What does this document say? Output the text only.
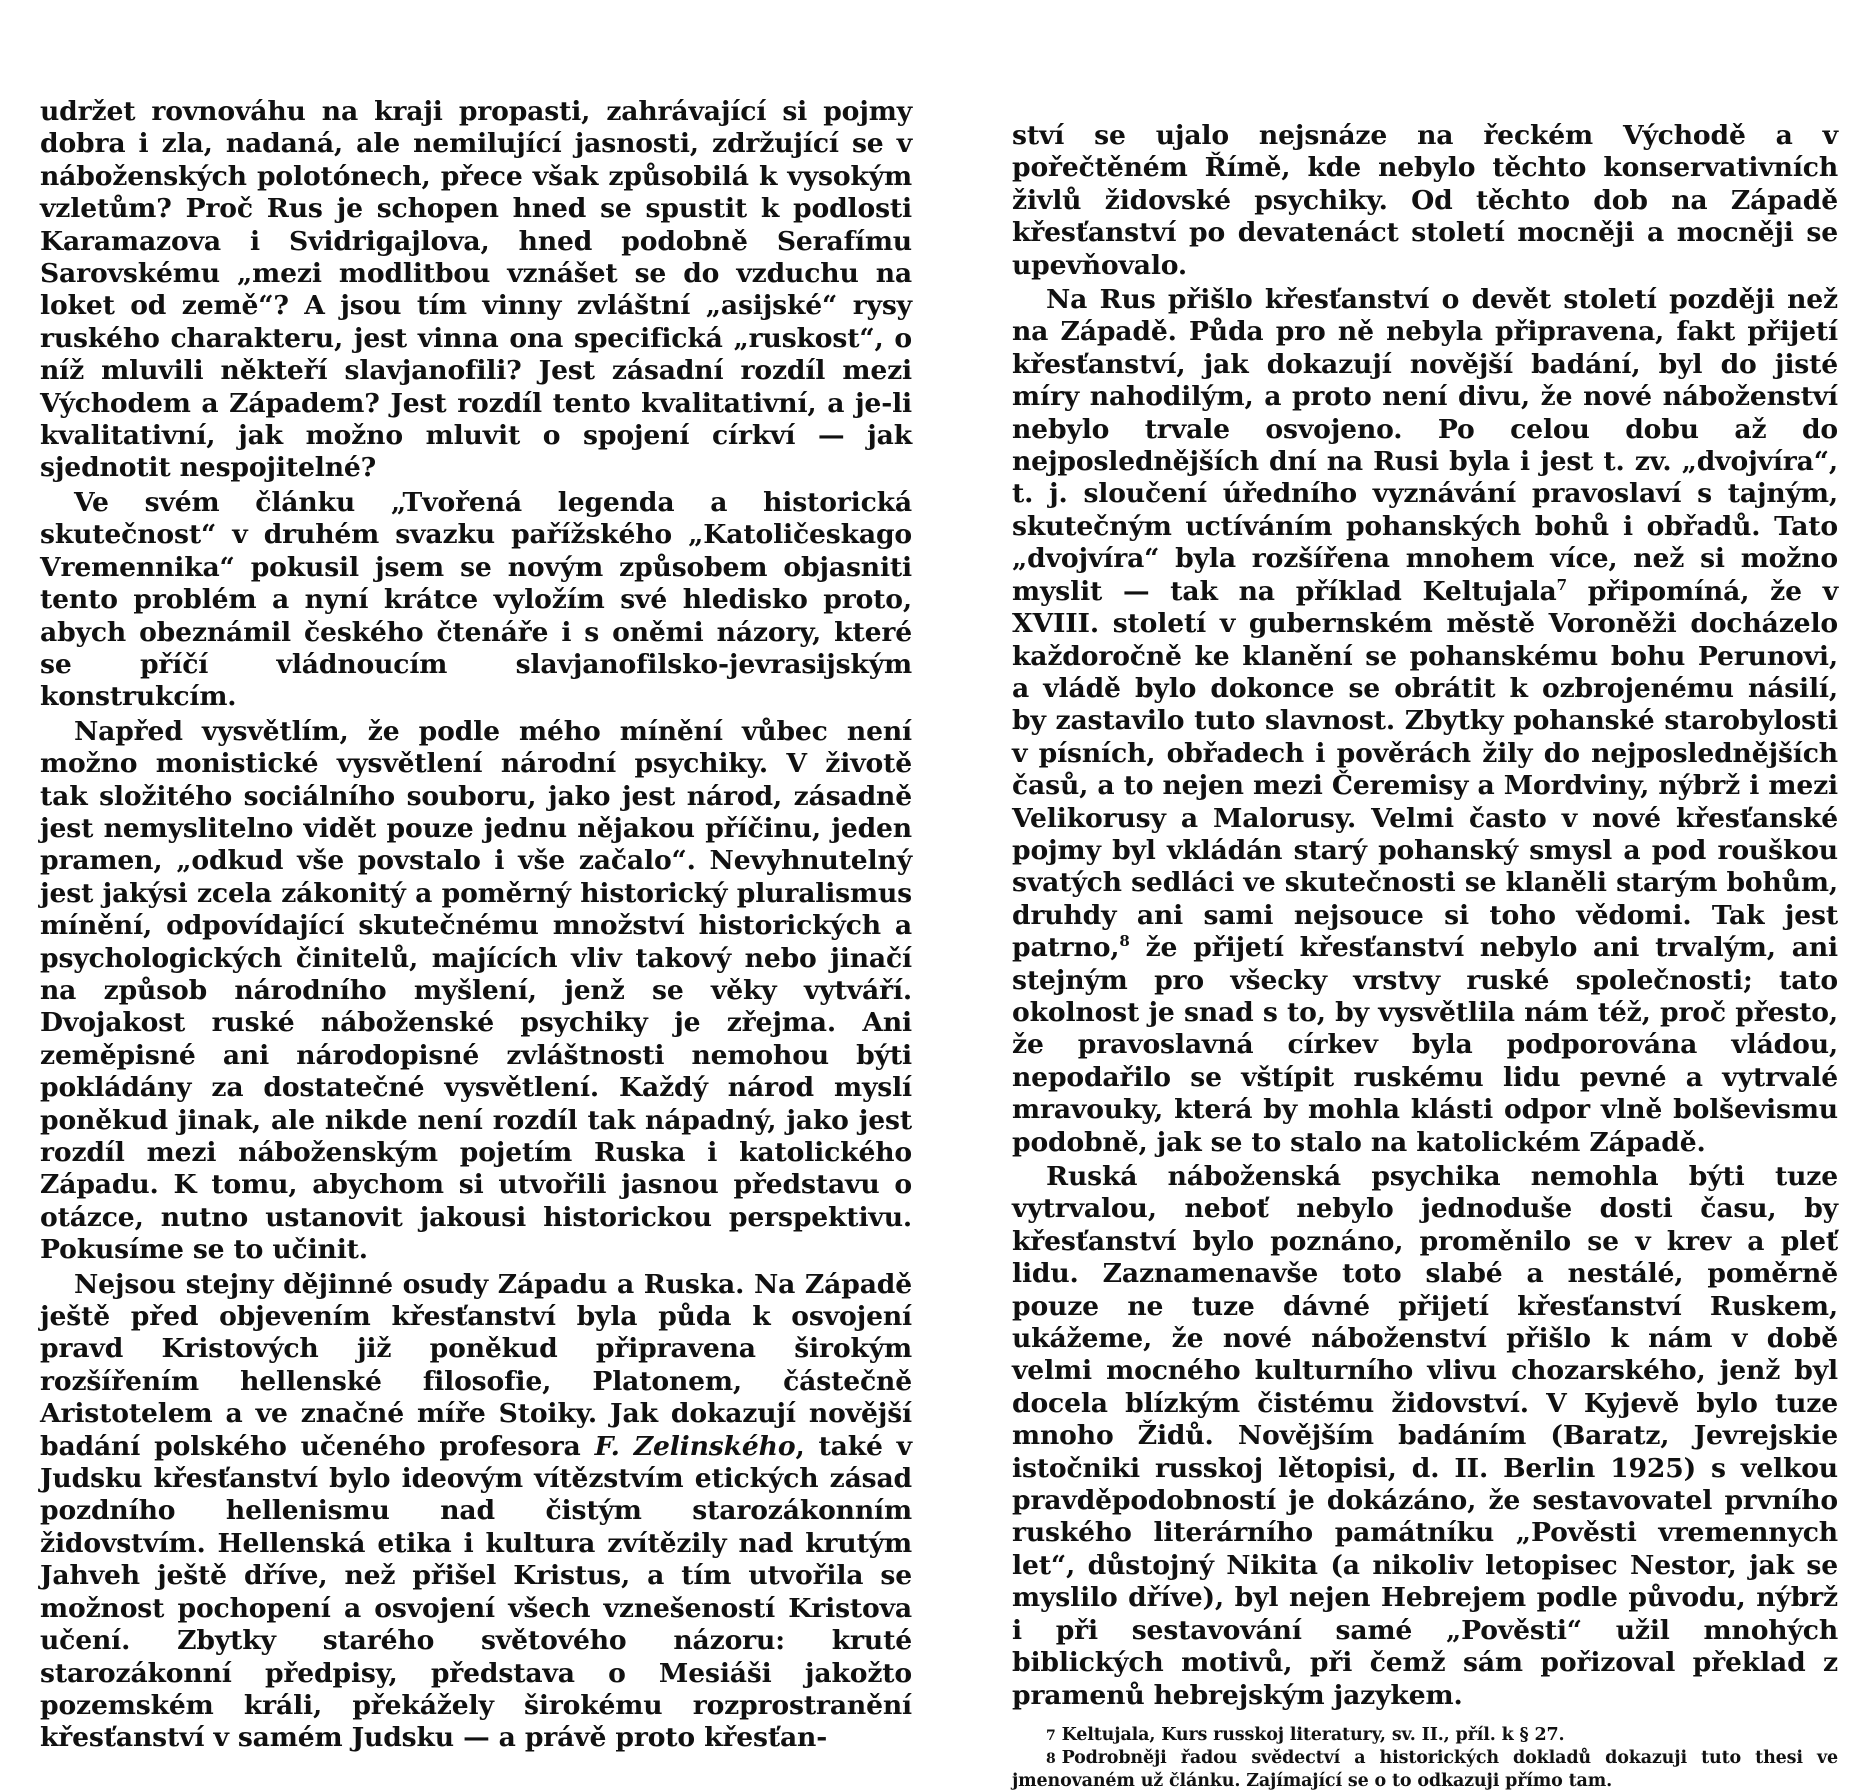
udržet rovnováhu na kraji propasti, zahrávající si pojmy dobra i zla, nadaná, ale nemilující jasnosti, zdržující se v náboženských polotónech, přece však způsobilá k vysokým vzletům? Proč Rus je schopen hned se spustit k podlosti Karamazova i Svidrigajlova, hned podobně Serafímu Sarovskému „mezi modlitbou vznášet se do vzduchu na loket od země“? A jsou tím vinny zvláštní „asijské“ rysy ruského charakteru, jest vinna ona specifická „ruskost“, o níž mluvili někteří slavjanofili? Jest zásadní rozdíl mezi Východem a Západem? Jest rozdíl tento kvalitativní, a je-li kvalitativní, jak možno mluvit o spojení církví — jak sjednotit nespojitelné?

Ve svém článku „Tvořená legenda a historická skutečnost“ v druhém svazku pařížského „Katoličeskago Vremennika“ pokusil jsem se novým způsobem objasniti tento problém a nyní krátce vyložím své hledisko proto, abych obeznámil českého čtenáře i s oněmi názory, které se příčí vládnoucím slavjanofilsko-jevrasijským konstrukcím.

Napřed vysvětlím, že podle mého mínění vůbec není možno monistické vysvětlení národní psychiky. V životě tak složitého sociálního souboru, jako jest národ, zásadně jest nemyslitelno vidět pouze jednu nějakou příčinu, jeden pramen, „odkud vše povstalo i vše začalo“. Nevyhnutelný jest jakýsi zcela zákonitý a poměrný historický pluralismus mínění, odpovídající skutečnému množství historických a psychologických činitelů, majících vliv takový nebo jinačí na způsob národního myšlení, jenž se věky vytváří. Dvojakost ruské náboženské psychiky je zřejma. Ani zeměpisné ani národopisné zvláštnosti nemohou býti pokládány za dostatečné vysvětlení. Každý národ myslí poněkud jinak, ale nikde není rozdíl tak nápadný, jako jest rozdíl mezi náboženským pojetím Ruska i katolického Západu. K tomu, abychom si utvořili jasnou představu o otázce, nutno ustanovit jakousi historickou perspektivu. Pokusíme se to učinit.

Nejsou stejny dějinné osudy Západu a Ruska. Na Západě ještě před objevením křesťanství byla půda k osvojení pravd Kristových již poněkud připravena širokým rozšířením hellenské filosofie, Platonem, částečně Aristotelem a ve značné míře Stoiky. Jak dokazují novější badání polského učeného profesora F. Zelinského, také v Judsku křesťanství bylo ideovým vítězstvím etických zásad pozdního hellenismu nad čistým starozákonním židovstvím. Hellenská etika i kultura zvítězily nad krutým Jahveh ještě dříve, než přišel Kristus, a tím utvořila se možnost pochopení a osvojení všech vznešeností Kristova učení. Zbytky starého světového názoru: kruté starozákonní předpisy, představa o Mesiáši jakožto pozemském králi, překážely širokému rozprostranění křesťanství v samém Judsku — a právě proto křesťan-

ství se ujalo nejsnáze na řeckém Východě a v pořečtěném Římě, kde nebylo těchto konservativních živlů židovské psychiky. Od těchto dob na Západě křesťanství po devatenáct století mocněji a mocněji se upevňovalo.

Na Rus přišlo křesťanství o devět století později než na Západě. Půda pro ně nebyla připravena, fakt přijetí křesťanství, jak dokazují novější badání, byl do jisté míry nahodilým, a proto není divu, že nové náboženství nebylo trvale osvojeno. Po celou dobu až do nejposlednějších dní na Rusi byla i jest t. zv. „dvojvíra“, t. j. sloučení úředního vyznávání pravosl​aví s tajným, skutečným uctíváním pohanských bohů i obřadů. Tato „dvojvíra“ byla rozšířena mnohem více, než si možno myslit — tak na příklad Keltujala$^7$ připomíná, že v XVIII. století v gubernském městě Voroněži docházelo každoročně ke klanění se pohanskému bohu Perunovi, a vládě bylo dokonce se obrátit k ozbrojenému násilí, by zastavilo tuto slavnost. Zbytky pohanské starobylosti v písních, obřadech i pověrách žily do nejposlednějších časů, a to nejen mezi Čeremisy a Mordviny, nýbrž i mezi Velikorusy a Malorusy. Velmi často v nové křesťanské pojmy byl vkládán starý pohanský smysl a pod rouškou svatých sedláci ve skutečnosti se klaněli starým bohům, druhdy ani sami nejsouce si toho vědomi. Tak jest patrno,$^8$ že přijetí křesťanství nebylo ani trvalým, ani stejným pro všecky vrstvy ruské společnosti; tato okolnost je snad s to, by vysvětlila nám též, proč přesto, že pravoslavná církev byla podporována vládou, nepodařilo se vštípit ruskému lidu pevné a vytrvalé mravouky, která by mohla klásti odpor vlně bolševismu podobně, jak se to stalo na katolickém Západě.

Ruská náboženská psychika nemohla býti tuze vytrvalou, neboť nebylo jednoduše dosti času, by křesťanství bylo poznáno, proměnilo se v krev a pleť lidu. Zaznamenavše toto slabé a nestálé, poměrně pouze ne tuze dávné přijetí křesťanství Ruskem, ukážeme, že nové náboženství přišlo k nám v době velmi mocného kulturního vlivu chozarského, jenž byl docela blízkým čistému židovství. V Kyjevě bylo tuze mnoho Židů. Novějším badáním (Baratz, Jevrejskie istočniki russkoj lětopisi, d. II. Berlin 1925) s velkou pravděpodobností je dokázáno, že sestavovatel prvního ruského literárního památníku „Pověsti vremennych let“, důstojný Nikita (a nikoliv letopisec Nestor, jak se myslilo dříve), byl nejen Hebrejem podle původu, nýbrž i při sestavování samé „Pověsti“ užil mnohých biblických motivů, při čemž sám pořizoval překlad z pramenů hebrejským jazykem.

7 Keltujala, Kurs russkoj literatury, sv. II., příl. k § 27.

8 Podrobněji řadou svědectví a historických dokladů dokazuji tuto thesi ve jmenovaném už článku. Zajímající se o to odkazuji přímo tam.
